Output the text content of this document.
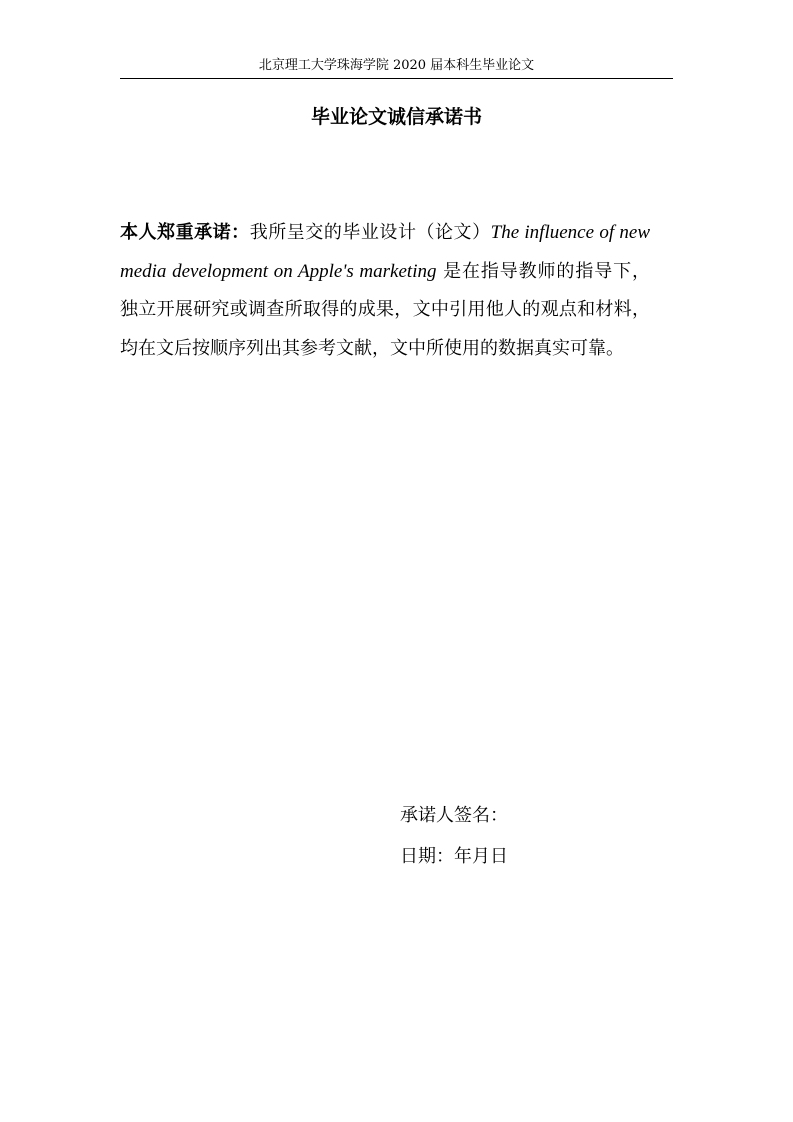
北京理工大学珠海学院 2020 届本科生毕业论文
毕业论文诚信承诺书
本人郑重承诺：我所呈交的毕业设计（论文）The influence of new media development on Apple's marketing 是在指导教师的指导下，独立开展研究或调查所取得的成果，文中引用他人的观点和材料，均在文后按顺序列出其参考文献，文中所使用的数据真实可靠。
承诺人签名：
日期：年月日
